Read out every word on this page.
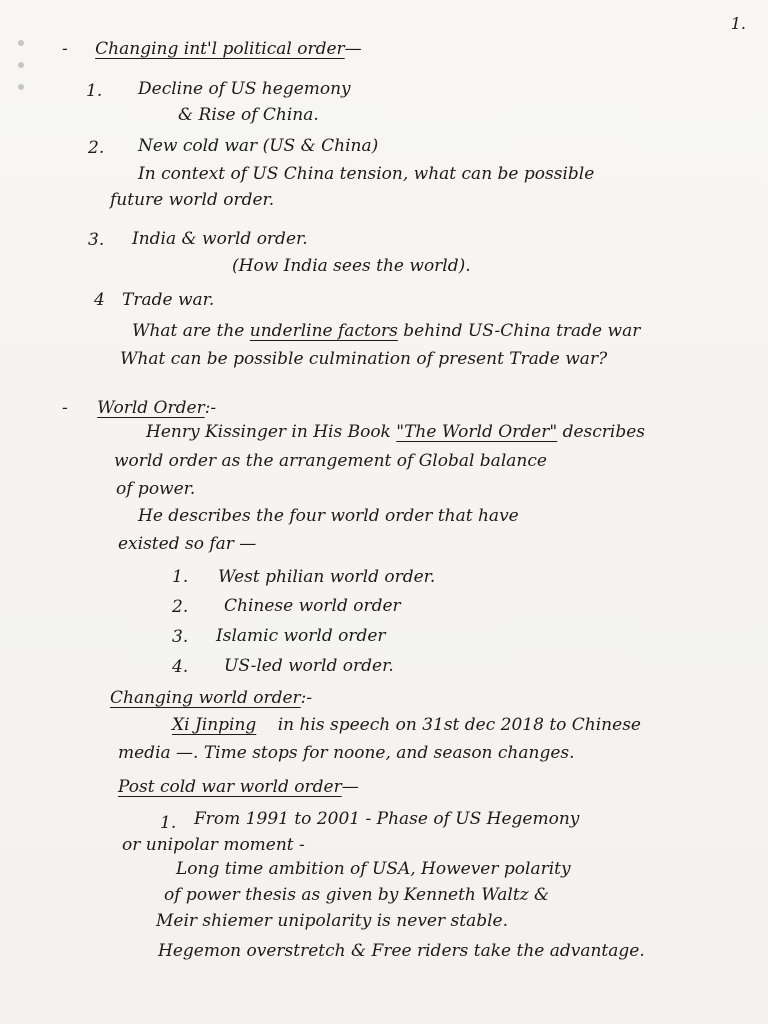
1.
- Changing int'l political order—
1. Decline of US hegemony
& Rise of China.
2. New cold war (US & China)
In context of US China tension, what can be possible
future world order.
3. India & world order.
(How India sees the world).
4 Trade war.
What are the underline factors behind US-China trade war
What can be possible culmination of present Trade war?
- World Order:-
Henry Kissinger in His Book "The World Order" describes
world order as the arrangement of Global balance
of power.
He describes the four world order that have
existed so far —
1. West philian world order.
2. Chinese world order
3. Islamic world order
4. US-led world order.
Changing world order:-
Xi Jinping in his speech on 31st dec 2018 to Chinese
media —. Time stops for noone, and season changes.
Post cold war world order—
1. From 1991 to 2001 - Phase of US Hegemony
or unipolar moment -
Long time ambition of USA, However polarity
of power thesis as given by Kenneth Waltz &
Meir shiemer unipolarity is never stable.
Hegemon overstretch & Free riders take the advantage.
